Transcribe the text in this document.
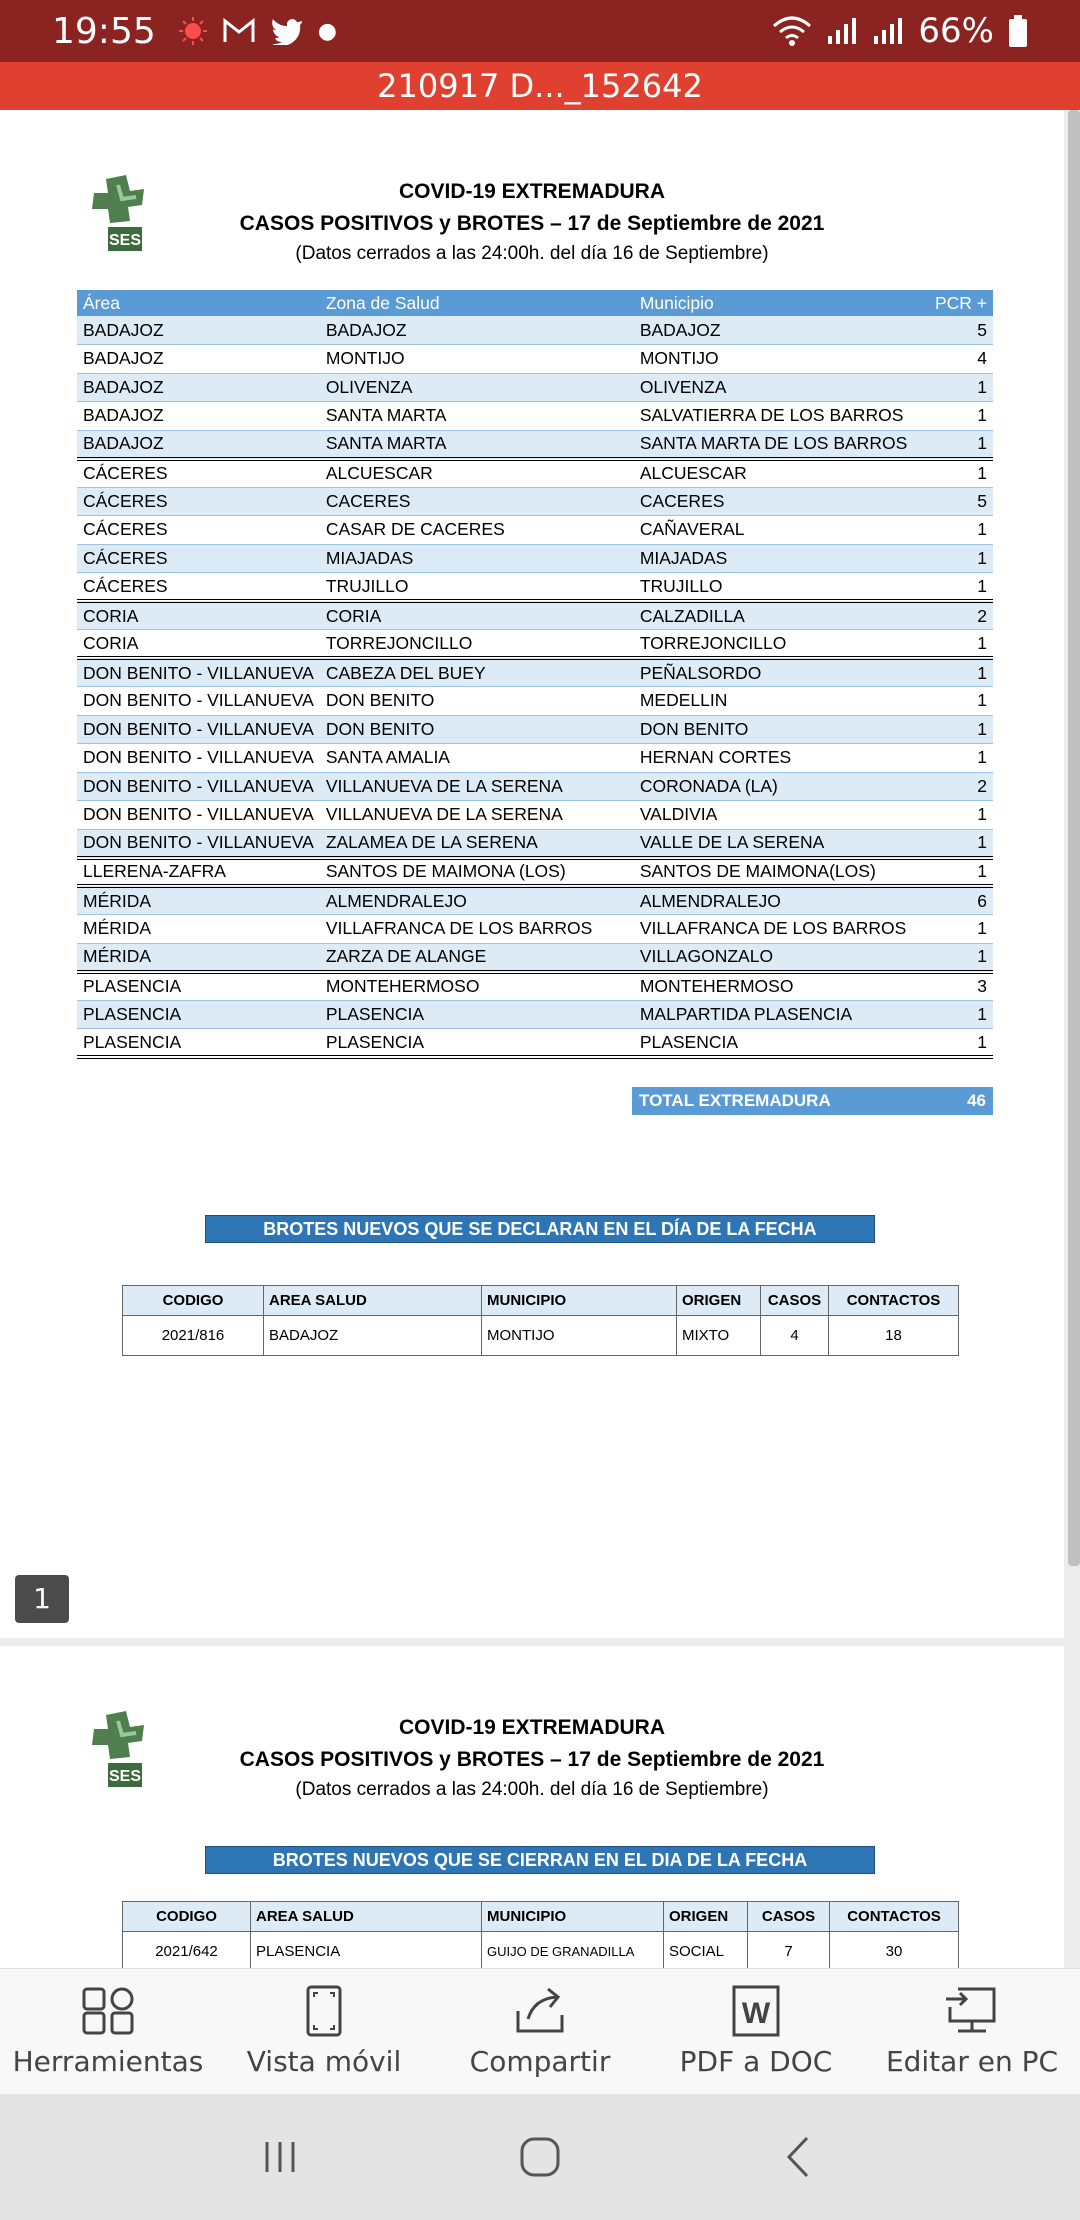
19:55	●	66%
210917 D..._152642
SES
COVID-19 EXTREMADURA
CASOS POSITIVOS y BROTES – 17 de Septiembre de 2021
(Datos cerrados a las 24:00h. del día 16 de Septiembre)
Área	Zona de Salud	Municipio	PCR +
BADAJOZ	BADAJOZ	BADAJOZ	5
BADAJOZ	MONTIJO	MONTIJO	4
BADAJOZ	OLIVENZA	OLIVENZA	1
BADAJOZ	SANTA MARTA	SALVATIERRA DE LOS BARROS	1
BADAJOZ	SANTA MARTA	SANTA MARTA DE LOS BARROS	1
CÁCERES	ALCUESCAR	ALCUESCAR	1
CÁCERES	CACERES	CACERES	5
CÁCERES	CASAR DE CACERES	CAÑAVERAL	1
CÁCERES	MIAJADAS	MIAJADAS	1
CÁCERES	TRUJILLO	TRUJILLO	1
CORIA	CORIA	CALZADILLA	2
CORIA	TORREJONCILLO	TORREJONCILLO	1
DON BENITO - VILLANUEVA	CABEZA DEL BUEY	PEÑALSORDO	1
DON BENITO - VILLANUEVA	DON BENITO	MEDELLIN	1
DON BENITO - VILLANUEVA	DON BENITO	DON BENITO	1
DON BENITO - VILLANUEVA	SANTA AMALIA	HERNAN CORTES	1
DON BENITO - VILLANUEVA	VILLANUEVA DE LA SERENA	CORONADA (LA)	2
DON BENITO - VILLANUEVA	VILLANUEVA DE LA SERENA	VALDIVIA	1
DON BENITO - VILLANUEVA	ZALAMEA DE LA SERENA	VALLE DE LA SERENA	1
LLERENA-ZAFRA	SANTOS DE MAIMONA (LOS)	SANTOS DE MAIMONA(LOS)	1
MÉRIDA	ALMENDRALEJO	ALMENDRALEJO	6
MÉRIDA	VILLAFRANCA DE LOS BARROS	VILLAFRANCA DE LOS BARROS	1
MÉRIDA	ZARZA DE ALANGE	VILLAGONZALO	1
PLASENCIA	MONTEHERMOSO	MONTEHERMOSO	3
PLASENCIA	PLASENCIA	MALPARTIDA PLASENCIA	1
PLASENCIA	PLASENCIA	PLASENCIA	1
TOTAL EXTREMADURA	46
BROTES NUEVOS QUE SE DECLARAN EN EL DÍA DE LA FECHA
CODIGO	AREA SALUD	MUNICIPIO	ORIGEN	CASOS	CONTACTOS
2021/816	BADAJOZ	MONTIJO	MIXTO	4	18
1
SES
COVID-19 EXTREMADURA
CASOS POSITIVOS y BROTES – 17 de Septiembre de 2021
(Datos cerrados a las 24:00h. del día 16 de Septiembre)
BROTES NUEVOS QUE SE CIERRAN EN EL DIA DE LA FECHA
CODIGO	AREA SALUD	MUNICIPIO	ORIGEN	CASOS	CONTACTOS
2021/642	PLASENCIA	GUIJO DE GRANADILLA	SOCIAL	7	30
Herramientas Vista móvil Compartir
W
PDF a DOC Editar en PC
